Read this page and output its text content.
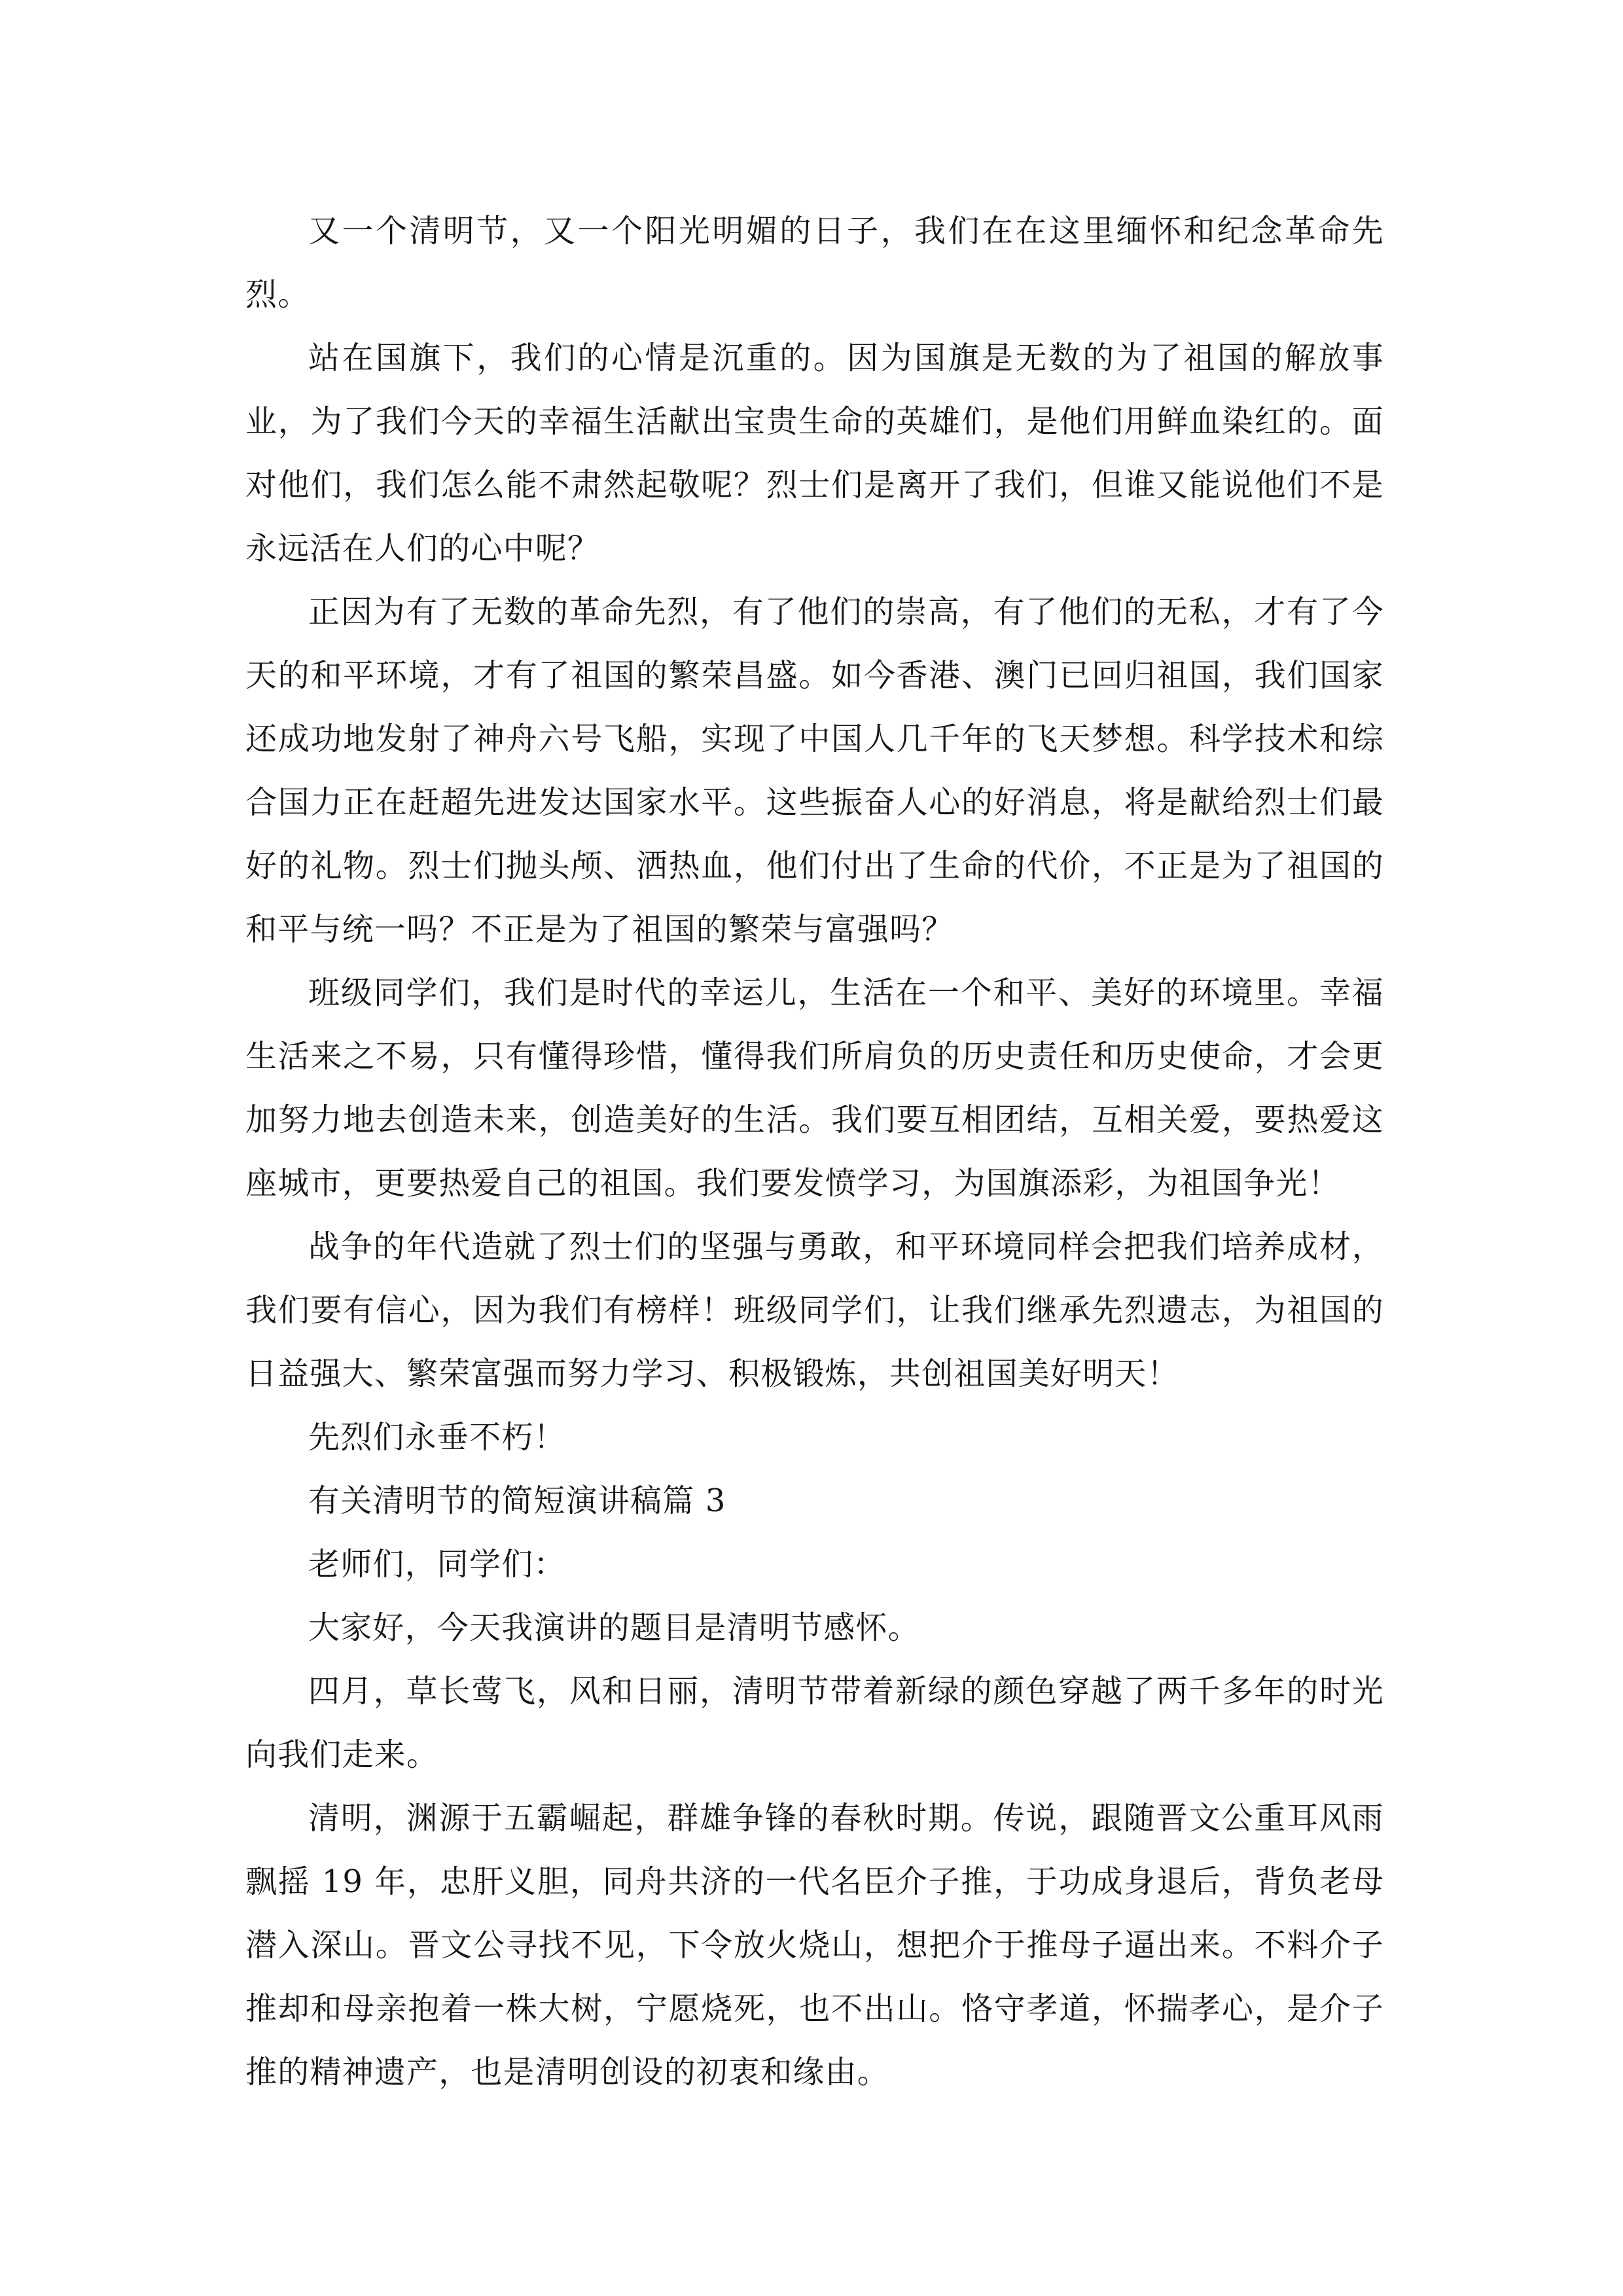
又一个清明节，又一个阳光明媚的日子，我们在在这里缅怀和纪念革命先烈。

站在国旗下，我们的心情是沉重的。因为国旗是无数的为了祖国的解放事业，为了我们今天的幸福生活献出宝贵生命的英雄们，是他们用鲜血染红的。面对他们，我们怎么能不肃然起敬呢？烈士们是离开了我们，但谁又能说他们不是永远活在人们的心中呢？

正因为有了无数的革命先烈，有了他们的崇高，有了他们的无私，才有了今天的和平环境，才有了祖国的繁荣昌盛。如今香港、澳门已回归祖国，我们国家还成功地发射了神舟六号飞船，实现了中国人几千年的飞天梦想。科学技术和综合国力正在赶超先进发达国家水平。这些振奋人心的好消息，将是献给烈士们最好的礼物。烈士们抛头颅、洒热血，他们付出了生命的代价，不正是为了祖国的和平与统一吗？不正是为了祖国的繁荣与富强吗？

班级同学们，我们是时代的幸运儿，生活在一个和平、美好的环境里。幸福生活来之不易，只有懂得珍惜，懂得我们所肩负的历史责任和历史使命，才会更加努力地去创造未来，创造美好的生活。我们要互相团结，互相关爱，要热爱这座城市，更要热爱自己的祖国。我们要发愤学习，为国旗添彩，为祖国争光！

战争的年代造就了烈士们的坚强与勇敢，和平环境同样会把我们培养成材，我们要有信心，因为我们有榜样！班级同学们，让我们继承先烈遗志，为祖国的日益强大、繁荣富强而努力学习、积极锻炼，共创祖国美好明天！

先烈们永垂不朽！

有关清明节的简短演讲稿篇 3

老师们，同学们：

大家好，今天我演讲的题目是清明节感怀。

四月，草长莺飞，风和日丽，清明节带着新绿的颜色穿越了两千多年的时光向我们走来。

清明，渊源于五霸崛起，群雄争锋的春秋时期。传说，跟随晋文公重耳风雨飘摇 19 年，忠肝义胆，同舟共济的一代名臣介子推，于功成身退后，背负老母潜入深山。晋文公寻找不见，下令放火烧山，想把介于推母子逼出来。不料介子推却和母亲抱着一株大树，宁愿烧死，也不出山。恪守孝道，怀揣孝心，是介子推的精神遗产，也是清明创设的初衷和缘由。
